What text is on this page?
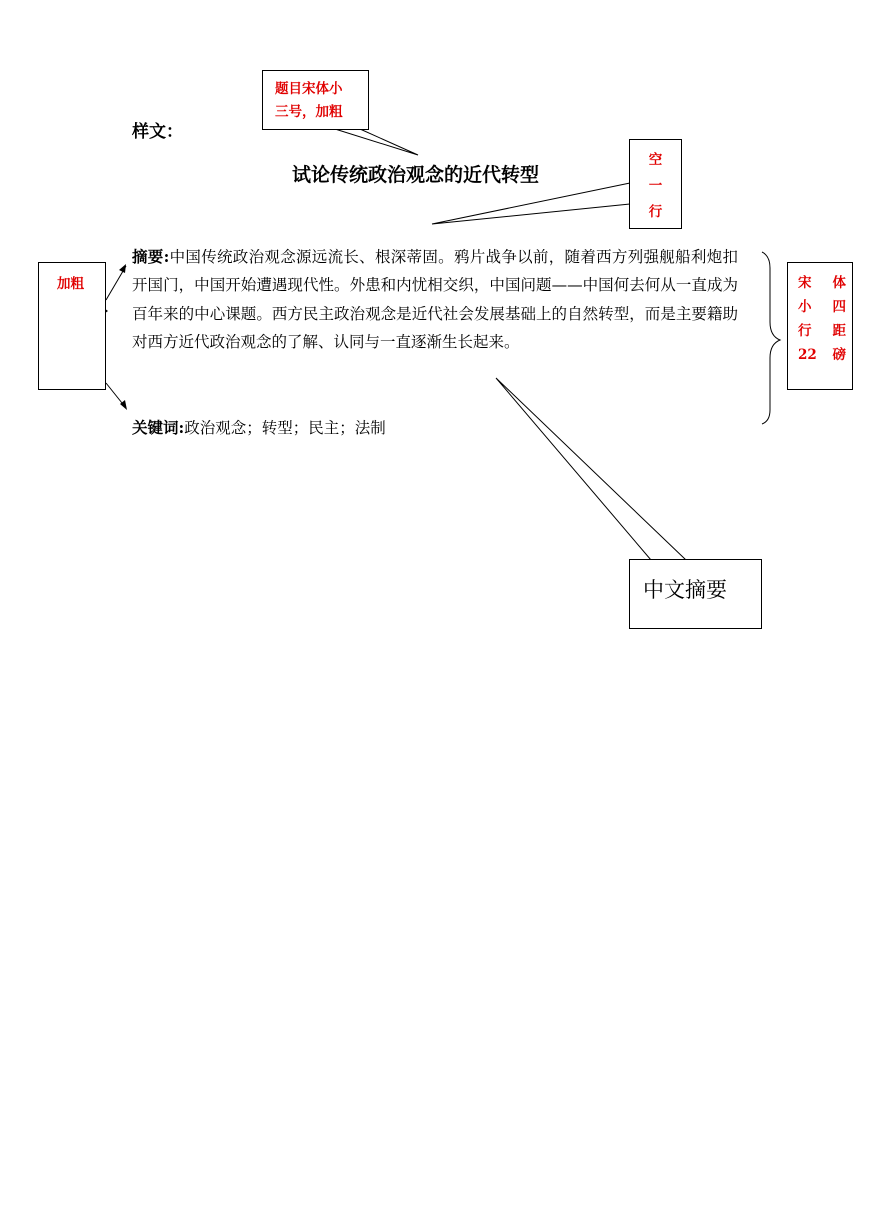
样文：
题目宋体小
三号，加粗
试论传统政治观念的近代转型
空
一
行
加粗
摘要:中国传统政治观念源远流长、根深蒂固。鸦片战争以前，随着西方列强舰船利炮扣开国门，中国开始遭遇现代性。外患和内忧相交织，中国问题——中国何去何从一直成为百年来的中心课题。西方民主政治观念是近代社会发展基础上的自然转型，而是主要籍助对西方近代政治观念的了解、认同与一直逐渐生长起来。
关键词:政治观念；转型；民主；法制
宋 体
小 四
行 距
22 磅
中文摘要
